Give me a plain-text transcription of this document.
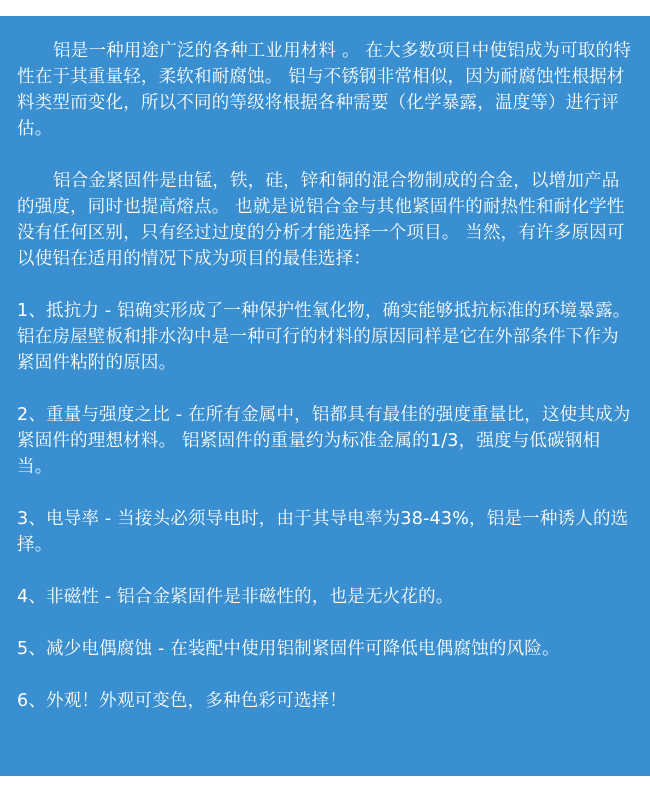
铝是一种用途广泛的各种工业用材料 。 在大多数项目中使铝成为可取的特性在于其重量轻，柔软和耐腐蚀。 铝与不锈钢非常相似，因为耐腐蚀性根据材料类型而变化，所以不同的等级将根据各种需要（化学暴露，温度等）进行评估。

铝合金紧固件是由锰，铁，硅，锌和铜的混合物制成的合金，以增加产品的强度，同时也提高熔点。 也就是说铝合金与其他紧固件的耐热性和耐化学性没有任何区别，只有经过过度的分析才能选择一个项目。 当然，有许多原因可以使铝在适用的情况下成为项目的最佳选择：

1、抵抗力 - 铝确实形成了一种保护性氧化物，确实能够抵抗标准的环境暴露。 铝在房屋壁板和排水沟中是一种可行的材料的原因同样是它在外部条件下作为紧固件粘附的原因。

2、重量与强度之比 - 在所有金属中，铝都具有最佳的强度重量比，这使其成为紧固件的理想材料。 铝紧固件的重量约为标准金属的1/3，强度与低碳钢相当。

3、电导率 - 当接头必须导电时，由于其导电率为38-43%，铝是一种诱人的选择。

4、非磁性 - 铝合金紧固件是非磁性的，也是无火花的。

5、减少电偶腐蚀 - 在装配中使用铝制紧固件可降低电偶腐蚀的风险。

6、外观！外观可变色，多种色彩可选择！
